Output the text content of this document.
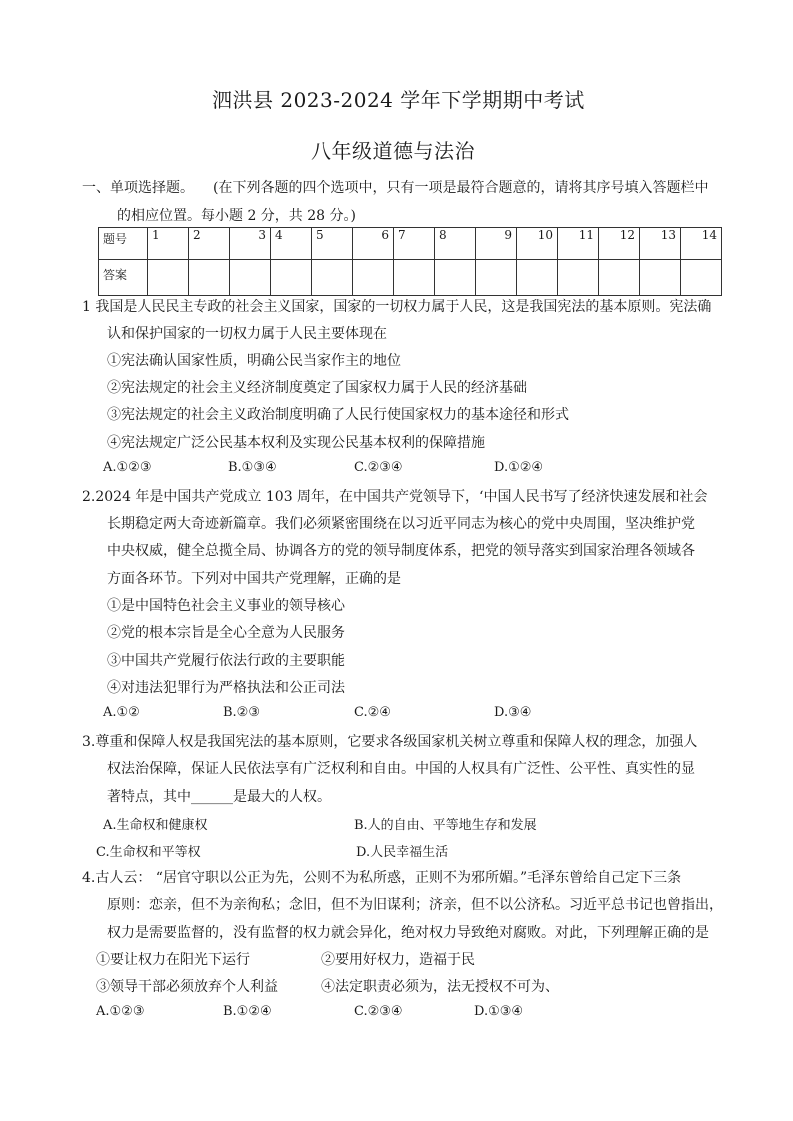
泗洪县 2023-2024 学年下学期期中考试
八年级道德与法治
一、单项选择题。 (在下列各题的四个选项中，只有一项是最符合题意的，请将其序号填入答题栏中
的相应位置。每小题 2 分，共 28 分。)
题号	1	2	3	4	5	6	7	8	9	10	11	12	13	14
答案														
1 我国是人民民主专政的社会主义国家，国家的一切权力属于人民，这是我国宪法的基本原则。宪法确
认和保护国家的一切权力属于人民主要体现在
①宪法确认国家性质，明确公民当家作主的地位
②宪法规定的社会主义经济制度奠定了国家权力属于人民的经济基础
③宪法规定的社会主义政治制度明确了人民行使国家权力的基本途径和形式
④宪法规定广泛公民基本权利及实现公民基本权利的保障措施
A.①②③	B.①③④	C.②③④	D.①②④
2.2024 年是中国共产党成立 103 周年，在中国共产党领导下，‘中国人民书写了经济快速发展和社会
长期稳定两大奇迹新篇章。我们必须紧密围绕在以习近平同志为核心的党中央周围，坚决维护党
中央权威，健全总揽全局、协调各方的党的领导制度体系，把党的领导落实到国家治理各领域各
方面各环节。下列对中国共产党理解，正确的是
①是中国特色社会主义事业的领导核心
②党的根本宗旨是全心全意为人民服务
③中国共产党履行依法行政的主要职能
④对违法犯罪行为严格执法和公正司法
A.①②	B.②③	C.②④	D.③④
3.尊重和保障人权是我国宪法的基本原则，它要求各级国家机关树立尊重和保障人权的理念，加强人
权法治保障，保证人民依法享有广泛权利和自由。中国的人权具有广泛性、公平性、真实性的显
著特点，其中______是最大的人权。
A.生命权和健康权	B.人的自由、平等地生存和发展
C.生命权和平等权	D.人民幸福生活
4.古人云： “居官守职以公正为先，公则不为私所惑，正则不为邪所媚。”毛泽东曾给自己定下三条
原则：恋亲，但不为亲徇私；念旧，但不为旧谋利；济亲，但不以公济私。习近平总书记也曾指出，
权力是需要监督的，没有监督的权力就会异化，绝对权力导致绝对腐败。对此，下列理解正确的是
①要让权力在阳光下运行	②要用好权力，造福于民
③领导干部必须放弃个人利益	④法定职责必须为，法无授权不可为、
A.①②③	B.①②④	C.②③④	D.①③④
